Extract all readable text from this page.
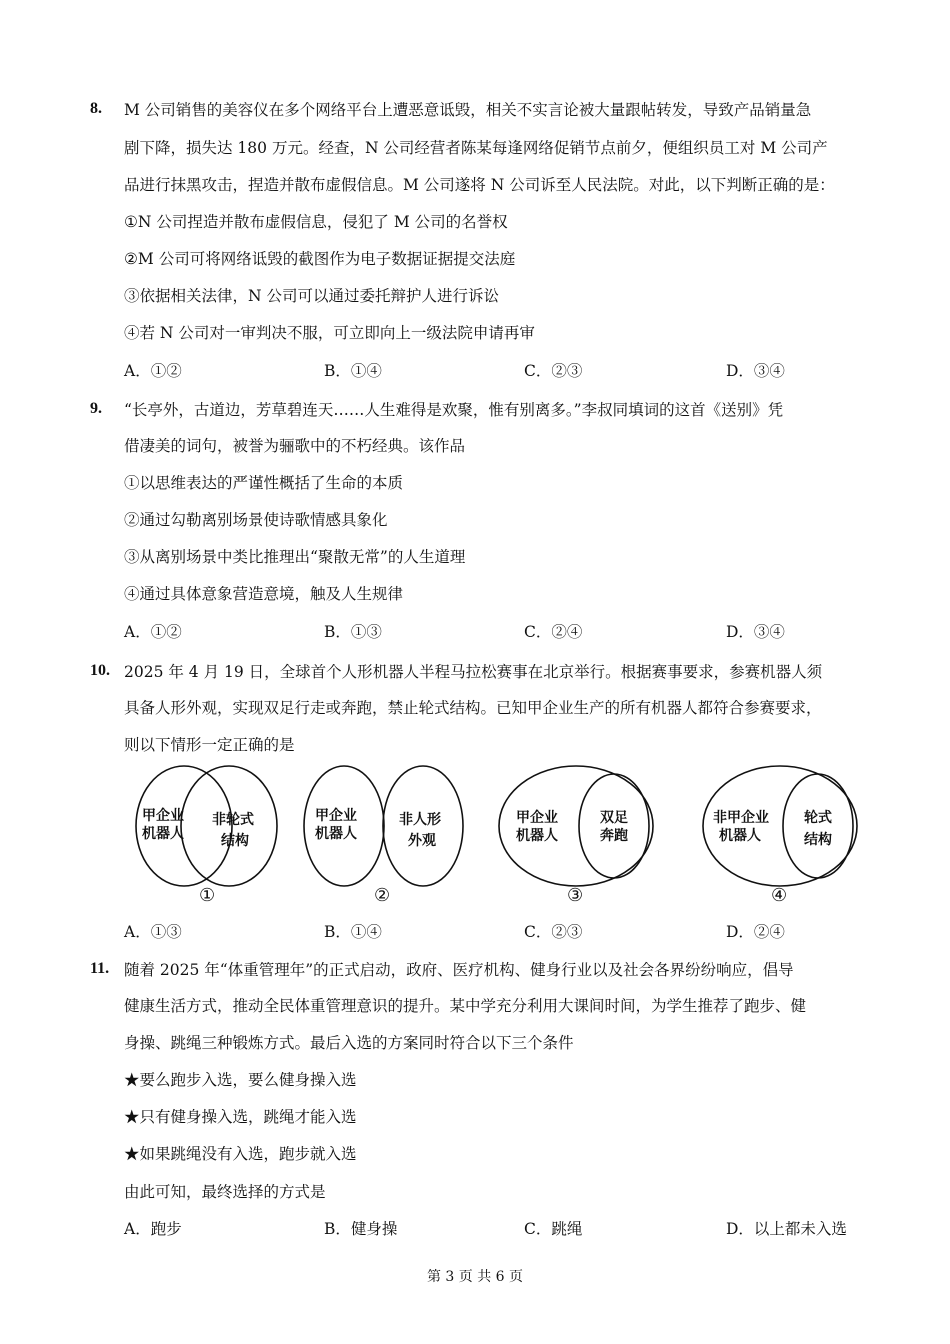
8. M 公司销售的美容仪在多个网络平台上遭恶意诋毁，相关不实言论被大量跟帖转发，导致产品销量急
剧下降，损失达 180 万元。经查，N 公司经营者陈某每逢网络促销节点前夕，便组织员工对 M 公司产
品进行抹黑攻击，捏造并散布虚假信息。M 公司遂将 N 公司诉至人民法院。对此，以下判断正确的是：
①N 公司捏造并散布虚假信息，侵犯了 M 公司的名誉权
②M 公司可将网络诋毁的截图作为电子数据证据提交法庭
③依据相关法律，N 公司可以通过委托辩护人进行诉讼
④若 N 公司对一审判决不服，可立即向上一级法院申请再审
A．①②	B．①④	C．②③	D．③④
9. “长亭外，古道边，芳草碧连天……人生难得是欢聚，惟有别离多。”李叔同填词的这首《送别》凭
借凄美的词句，被誉为骊歌中的不朽经典。该作品
①以思维表达的严谨性概括了生命的本质
②通过勾勒离别场景使诗歌情感具象化
③从离别场景中类比推理出“聚散无常”的人生道理
④通过具体意象营造意境，触及人生规律
A．①②	B．①③	C．②④	D．③④
10. 2025 年 4 月 19 日，全球首个人形机器人半程马拉松赛事在北京举行。根据赛事要求，参赛机器人须
具备人形外观，实现双足行走或奔跑，禁止轮式结构。已知甲企业生产的所有机器人都符合参赛要求，
则以下情形一定正确的是
甲企业
机器人
非轮式
结构
①
甲企业
机器人
非人形
外观
②
甲企业
机器人
双足
奔跑
③
非甲企业
机器人
轮式
结构
④
A．①③	B．①④	C．②③	D．②④
11. 随着 2025 年“体重管理年”的正式启动，政府、医疗机构、健身行业以及社会各界纷纷响应，倡导
健康生活方式，推动全民体重管理意识的提升。某中学充分利用大课间时间，为学生推荐了跑步、健
身操、跳绳三种锻炼方式。最后入选的方案同时符合以下三个条件
★要么跑步入选，要么健身操入选
★只有健身操入选，跳绳才能入选
★如果跳绳没有入选，跑步就入选
由此可知，最终选择的方式是
A．跑步	B．健身操	C．跳绳	D．以上都未入选
第 3 页 共 6 页
